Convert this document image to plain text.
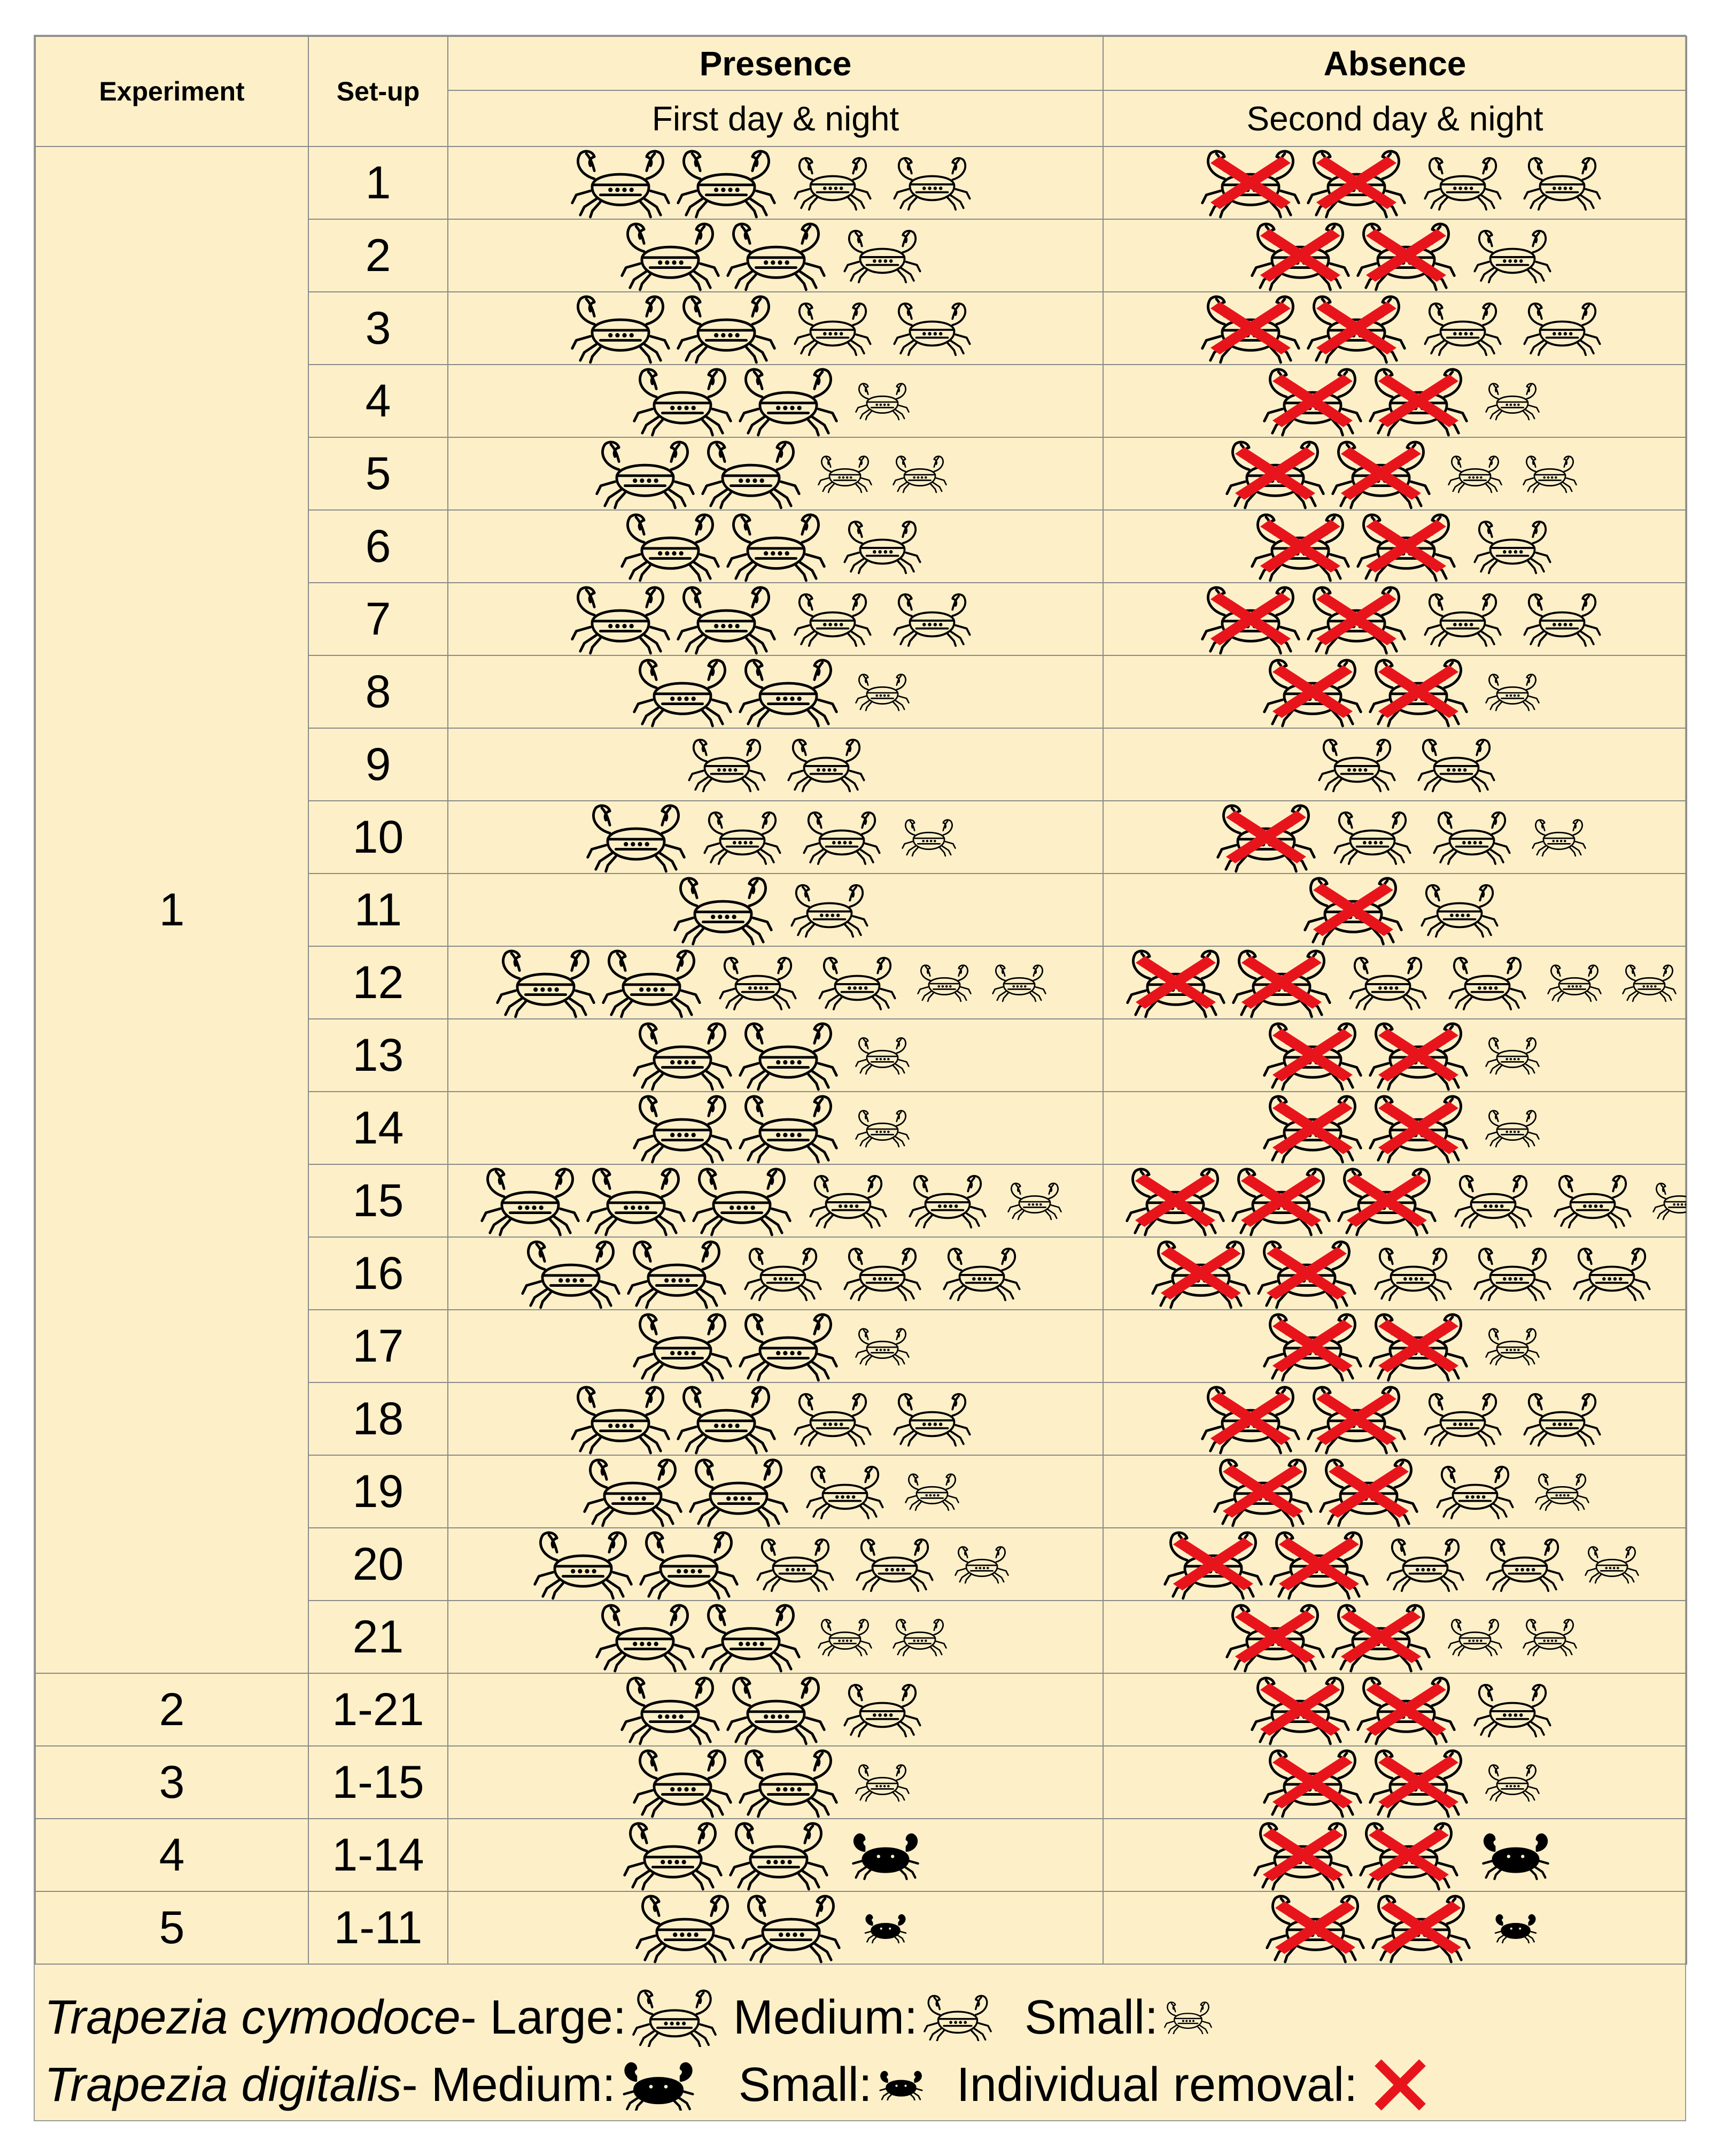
Experiment	Set-up	Presence	Absence
		First day & night	Second day & night
1	1	

	2	

	3	

	4	

	5	

	6	

	7	

	8	

	9	

	10	

	11	

	12	

	13	

	14	

	15	

	16	

	17	

	18	

	19	

	20	

	21	

2	1-21	

3	1-15	

4	1-14	

5	1-11	

Trapezia cymodoce - Large: Medium: Small:
Trapezia digitalis - Medium:	Small: Individual removal:
